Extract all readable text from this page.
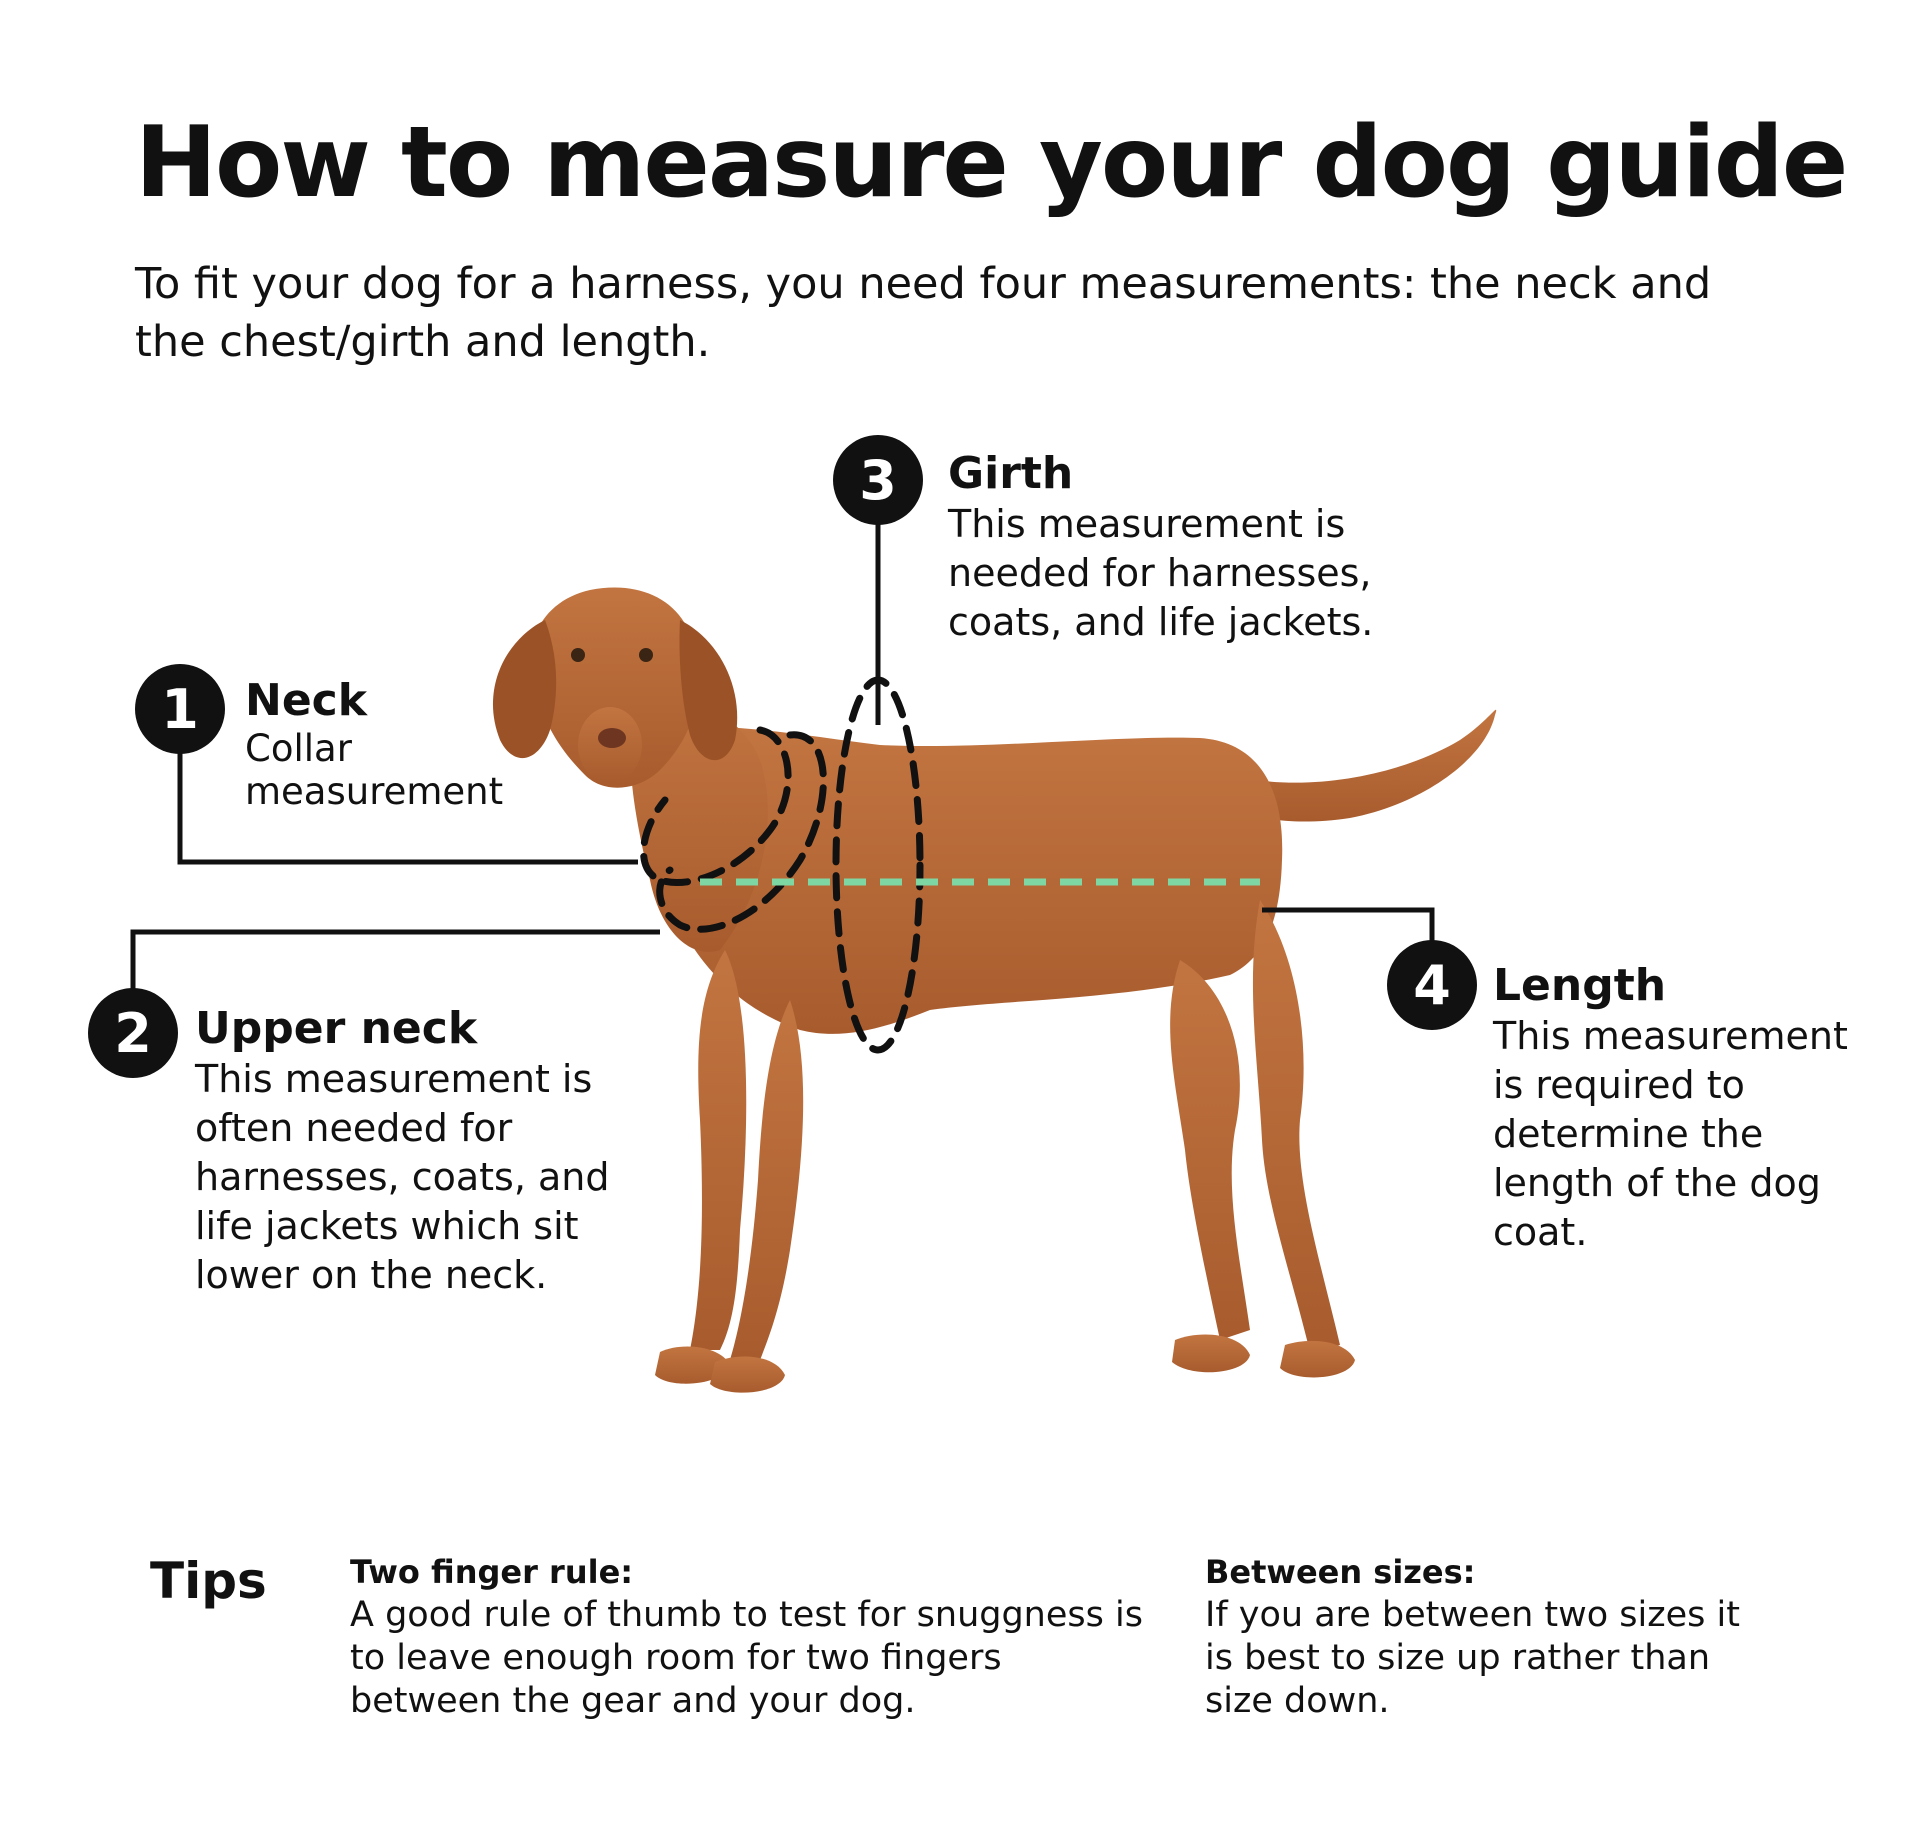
How to measure your dog guide

To fit your dog for a harness, you need four measurements: the neck and the chest/girth and length.

1
2
3
4
Neck
Collar measurement
Upper neck
This measurement is often needed for harnesses, coats, and life jackets which sit lower on the neck.
Girth
This measurement is needed for harnesses, coats, and life jackets.
Length
This measurement is required to determine the length of the dog coat.
Tips	Two finger rule:
A good rule of thumb to test for snuggness is to leave enough room for two fingers between the gear and your dog.
Between sizes:
If you are between two sizes it is best to size up rather than size down.
